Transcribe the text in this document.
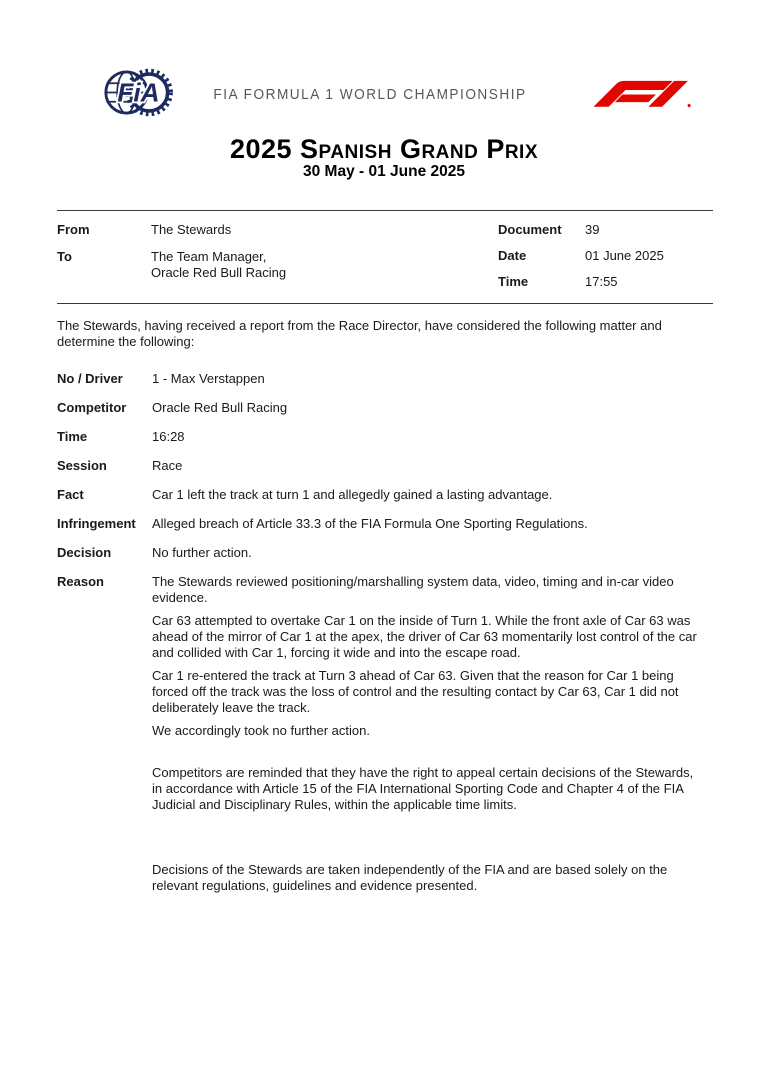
FiA	FIA FORMULA 1 WORLD CHAMPIONSHIP
2025 Spanish Grand Prix
30 May - 01 June 2025
From	The Stewards
To	The Team Manager,
Oracle Red Bull Racing
Document	39
Date	01 June 2025
Time	17:55
The Stewards, having received a report from the Race Director, have considered the following matter and determine the following:
No / Driver	1 - Max Verstappen
Competitor	Oracle Red Bull Racing
Time	16:28
Session	Race
Fact	Car 1 left the track at turn 1 and allegedly gained a lasting advantage.
Infringement	Alleged breach of Article 33.3 of the FIA Formula One Sporting Regulations.
Decision	No further action.
Reason	The Stewards reviewed positioning/marshalling system data, video, timing and in-car video evidence.

Car 63 attempted to overtake Car 1 on the inside of Turn 1. While the front axle of Car 63 was ahead of the mirror of Car 1 at the apex, the driver of Car 63 momentarily lost control of the car and collided with Car 1, forcing it wide and into the escape road.

Car 1 re-entered the track at Turn 3 ahead of Car 63. Given that the reason for Car 1 being forced off the track was the loss of control and the resulting contact by Car 63, Car 1 did not deliberately leave the track.

We accordingly took no further action.

Competitors are reminded that they have the right to appeal certain decisions of the Stewards, in accordance with Article 15 of the FIA International Sporting Code and Chapter 4 of the FIA Judicial and Disciplinary Rules, within the applicable time limits.

Decisions of the Stewards are taken independently of the FIA and are based solely on the relevant regulations, guidelines and evidence presented.
